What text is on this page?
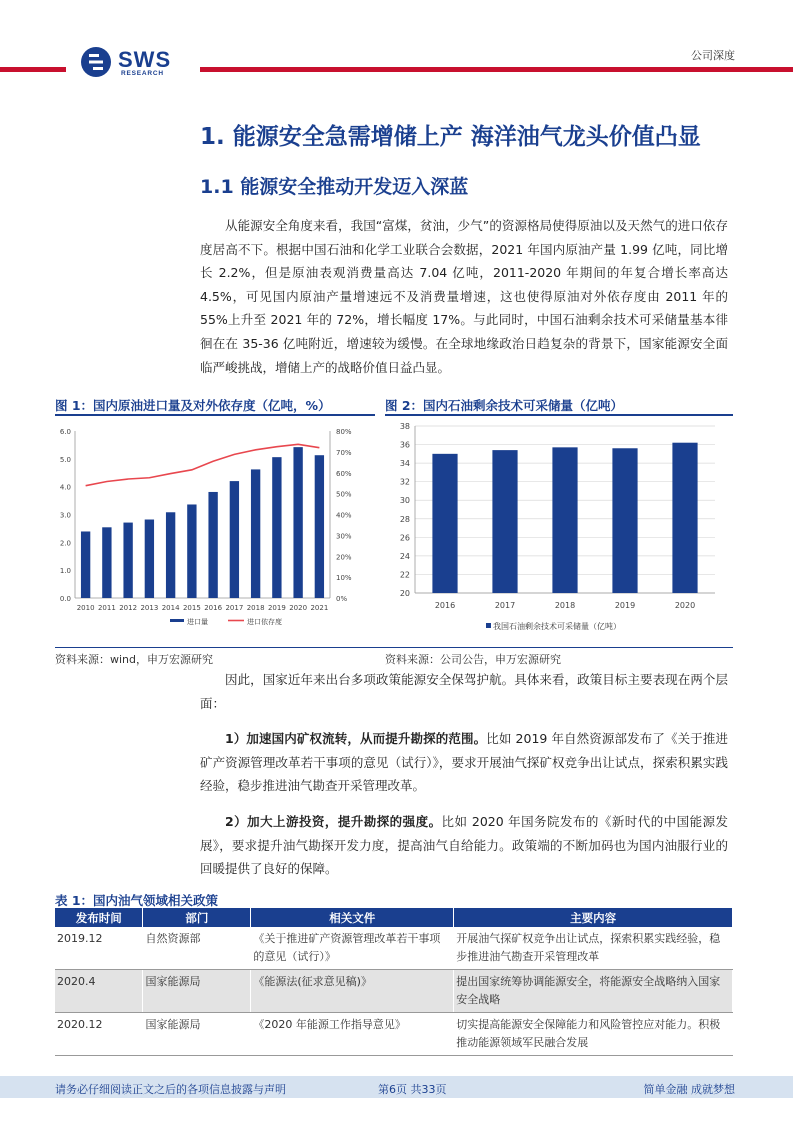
SWS
RESEARCH
公司深度
1. 能源安全急需增储上产 海洋油气龙头价值凸显
1.1 能源安全推动开发迈入深蓝

从能源安全角度来看，我国“富煤，贫油，少气”的资源格局使得原油以及天然气的进口依存度居高不下。根据中国石油和化学工业联合会数据，2021 年国内原油产量 1.99 亿吨，同比增长 2.2%，但是原油表观消费量高达 7.04 亿吨，2011-2020 年期间的年复合增长率高达 4.5%，可见国内原油产量增速远不及消费量增速，这也使得原油对外依存度由 2011 年的 55%上升至 2021 年的 72%，增长幅度 17%。与此同时，中国石油剩余技术可采储量基本徘徊在在 35-36 亿吨附近，增速较为缓慢。在全球地缘政治日趋复杂的背景下，国家能源安全面临严峻挑战，增储上产的战略价值日益凸显。

图 1：国内原油进口量及对外依存度（亿吨，%）
0.0
1.0
2.0
3.0
4.0
5.0
6.0
0%
10%
20%
30%
40%
50%
60%
70%
80%
2010 2011 2012 2013 2014 2015 2016 2017 2018 2019 2020 2021
进口量	进口依存度
图 2：国内石油剩余技术可采储量（亿吨）
20
22
24
26
28
30
32
34
36
38
2016	2017	2018	2019	2020
我国石油剩余技术可采储量（亿吨）
资料来源：wind，申万宏源研究	资料来源：公司公告，申万宏源研究

因此，国家近年来出台多项政策能源安全保驾护航。具体来看，政策目标主要表现在两个层面：

1）加速国内矿权流转，从而提升勘探的范围。比如 2019 年自然资源部发布了《关于推进矿产资源管理改革若干事项的意见（试行）》，要求开展油气探矿权竞争出让试点，探索积累实践经验，稳步推进油气勘查开采管理改革。

2）加大上游投资，提升勘探的强度。比如 2020 年国务院发布的《新时代的中国能源发展》，要求提升油气勘探开发力度，提高油气自给能力。政策端的不断加码也为国内油服行业的回暖提供了良好的保障。

表 1：国内油气领域相关政策
发布时间	部门	相关文件	主要内容
2019.12	自然资源部	《关于推进矿产资源管理改革若干事项的意见（试行）》	开展油气探矿权竞争出让试点，探索积累实践经验，稳步推进油气勘查开采管理改革
2020.4	国家能源局	《能源法(征求意见稿)》	提出国家统筹协调能源安全，将能源安全战略纳入国家安全战略
2020.12	国家能源局	《2020 年能源工作指导意见》	切实提高能源安全保障能力和风险管控应对能力。积极推动能源领域军民融合发展
请务必仔细阅读正文之后的各项信息披露与声明	第6页 共33页	简单金融 成就梦想
